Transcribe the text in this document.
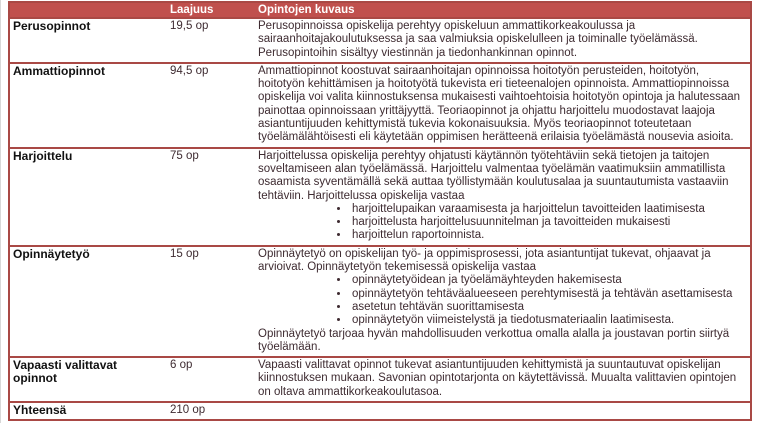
	Laajuus	Opintojen kuvaus
Perusopinnot	19,5 op	Perusopinnoissa opiskelija perehtyy opiskeluun ammattikorkeakoulussa ja sairaanhoitajakoulutuksessa ja saa valmiuksia opiskelulleen ja toiminalle työelämässä. Perusopintoihin sisältyy viestinnän ja tiedonhankinnan opinnot.

Ammattiopinnot	94,5 op	Ammattiopinnot koostuvat sairaanhoitajan opinnoissa hoitotyön perusteiden, hoitotyön, hoitotyön kehittämisen ja hoitotyötä tukevista eri tieteenalojen opinnoista. Ammattiopinnoissa opiskelija voi valita kiinnostuksensa mukaisesti vaihtoehtoisia hoitotyön opintoja ja halutessaan painottaa opinnoissaan yrittäjyyttä. Teoriaopinnot ja ohjattu harjoittelu muodostavat laajoja asiantuntijuuden kehittymistä tukevia kokonaisuuksia. Myös teoriaopinnot toteutetaan työelämälähtöisesti eli käytetään oppimisen herätteenä erilaisia työelämästä nousevia asioita.

Harjoittelu	75 op	Harjoittelussa opiskelija perehtyy ohjatusti käytännön työtehtäviin sekä tietojen ja taitojen soveltamiseen alan työelämässä. Harjoittelu valmentaa työelämän vaatimuksiin ammatillista osaamista syventämällä sekä auttaa työllistymään koulutusalaa ja suuntautumista vastaaviin tehtäviin. Harjoittelussa opiskelija vastaa
• harjoittelupaikan varaamisesta ja harjoittelun tavoitteiden laatimisesta
• harjoittelusta harjoittelusuunnitelman ja tavoitteiden mukaisesti
• harjoittelun raportoinnista.

Opinnäytetyö	15 op	Opinnäytetyö on opiskelijan työ- ja oppimisprosessi, jota asiantuntijat tukevat, ohjaavat ja arvioivat. Opinnäytetyön tekemisessä opiskelija vastaa
• opinnäytetyöidean ja työelämäyhteyden hakemisesta
• opinnäytetyön tehtäväalueeseen perehtymisestä ja tehtävän asettamisesta
• asetetun tehtävän suorittamisesta
• opinnäytetyön viimeistelystä ja tiedotusmateriaalin laatimisesta.
Opinnäytetyö tarjoaa hyvän mahdollisuuden verkottua omalla alalla ja joustavan portin siirtyä työelämään.

Vapaasti valittavat opinnot	6 op	Vapaasti valittavat opinnot tukevat asiantuntijuuden kehittymistä ja suuntautuvat opiskelijan kiinnostuksen mukaan. Savonian opintotarjonta on käytettävissä. Muualta valittavien opintojen on oltava ammattikorkeakoulutasoa.

Yhteensä	210 op	
